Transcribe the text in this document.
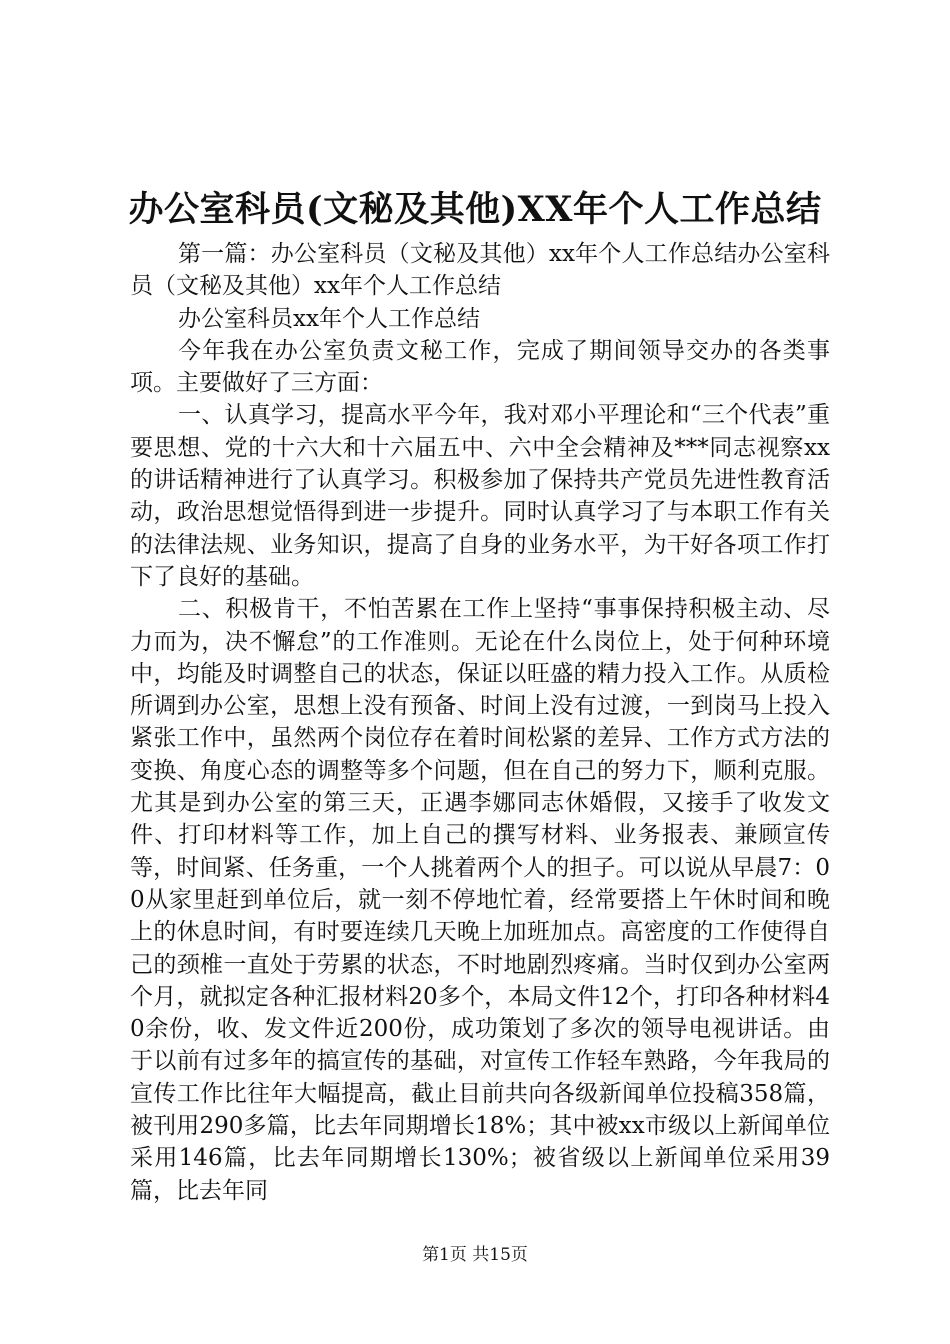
办公室科员(文秘及其他)XX年个人工作总结

第一篇：办公室科员（文秘及其他）xx年个人工作总结办公室科员（文秘及其他）xx年个人工作总结

办公室科员xx年个人工作总结

今年我在办公室负责文秘工作，完成了期间领导交办的各类事项。主要做好了三方面：

一、认真学习，提高水平今年，我对邓小平理论和“三个代表”重要思想、党的十六大和十六届五中、六中全会精神及***同志视察xx的讲话精神进行了认真学习。积极参加了保持共产党员先进性教育活动，政治思想觉悟得到进一步提升。同时认真学习了与本职工作有关的法律法规、业务知识，提高了自身的业务水平，为干好各项工作打下了良好的基础。

二、积极肯干，不怕苦累在工作上坚持“事事保持积极主动、尽力而为，决不懈怠”的工作准则。无论在什么岗位上，处于何种环境中，均能及时调整自己的状态，保证以旺盛的精力投入工作。从质检所调到办公室，思想上没有预备、时间上没有过渡，一到岗马上投入紧张工作中，虽然两个岗位存在着时间松紧的差异、工作方式方法的变换、角度心态的调整等多个问题，但在自己的努力下，顺利克服。尤其是到办公室的第三天，正遇李娜同志休婚假，又接手了收发文件、打印材料等工作，加上自己的撰写材料、业务报表、兼顾宣传等，时间紧、任务重，一个人挑着两个人的担子。可以说从早晨7：00从家里赶到单位后，就一刻不停地忙着，经常要搭上午休时间和晚上的休息时间，有时要连续几天晚上加班加点。高密度的工作使得自己的颈椎一直处于劳累的状态，不时地剧烈疼痛。当时仅到办公室两个月，就拟定各种汇报材料20多个，本局文件12个，打印各种材料40余份，收、发文件近200份，成功策划了多次的领导电视讲话。由于以前有过多年的搞宣传的基础，对宣传工作轻车熟路，今年我局的宣传工作比往年大幅提高，截止目前共向各级新闻单位投稿358篇，被刊用290多篇，比去年同期增长18%；其中被xx市级以上新闻单位采用146篇，比去年同期增长130%；被省级以上新闻单位采用39篇，比去年同

第1页 共15页
